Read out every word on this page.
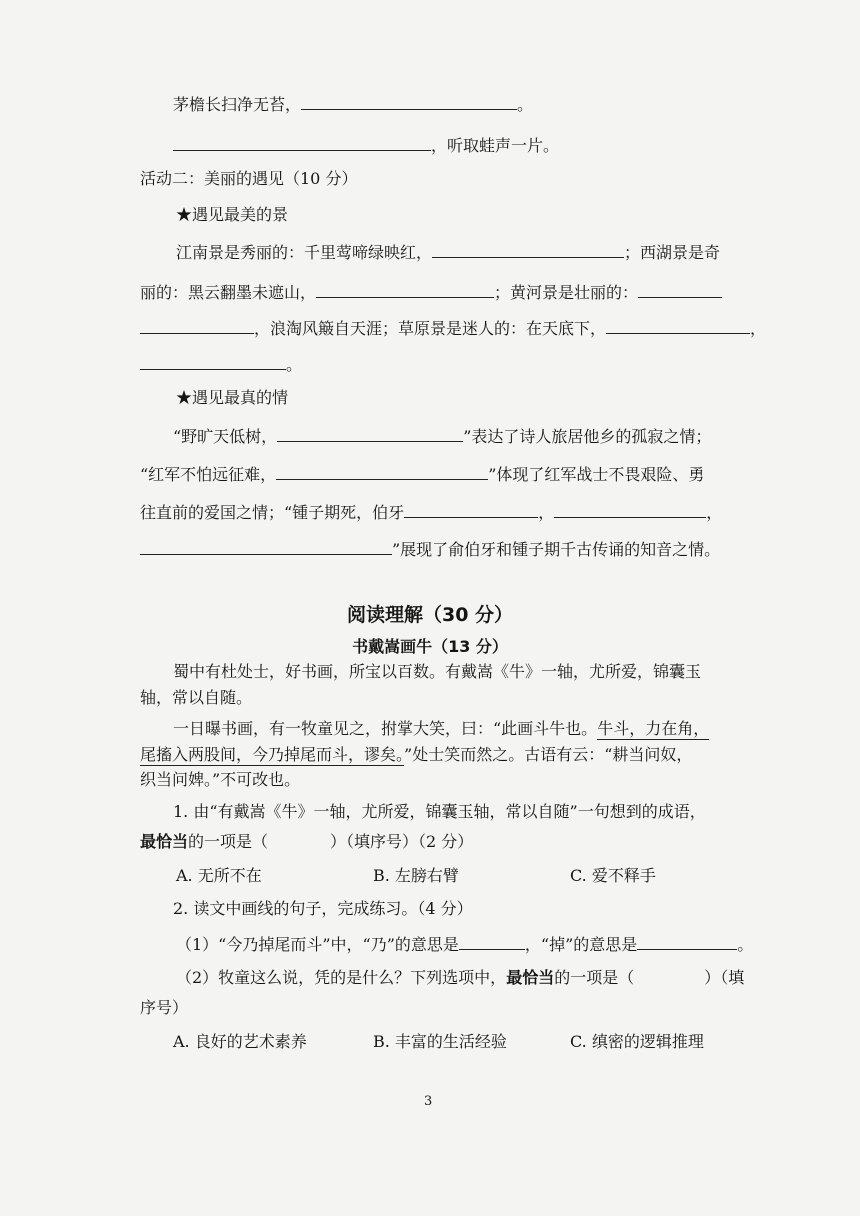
茅檐长扫净无苔，	。
，听取蛙声一片。
活动二：美丽的遇见（10 分）
★遇见最美的景
江南景是秀丽的：千里莺啼绿映红，	；西湖景是奇
丽的：黑云翻墨未遮山，	；黄河景是壮丽的：
，浪淘风簸自天涯；草原景是迷人的：在天底下，	，
。
★遇见最真的情
“野旷天低树，	”表达了诗人旅居他乡的孤寂之情；
“红军不怕远征难，	”体现了红军战士不畏艰险、勇
往直前的爱国之情；“锺子期死，伯牙	，	，
”展现了俞伯牙和锺子期千古传诵的知音之情。
阅读理解（30 分）
书戴嵩画牛（13 分）
蜀中有杜处士，好书画，所宝以百数。有戴嵩《牛》一轴，尤所爱，锦囊玉
轴，常以自随。
一日曝书画，有一牧童见之，拊掌大笑，曰：“此画斗牛也。牛斗，力在角，
尾搐入两股间，今乃掉尾而斗，谬矣。”处士笑而然之。古语有云：“耕当问奴，
织当问婢。”不可改也。
1. 由“有戴嵩《牛》一轴，尤所爱，锦囊玉轴，常以自随”一句想到的成语，
最恰当的一项是（	）（填序号）（2 分）
A. 无所不在	B. 左膀右臂	C. 爱不释手
2. 读文中画线的句子，完成练习。（4 分）
（1）“今乃掉尾而斗”中，“乃”的意思是	，“掉”的意思是	。
（2）牧童这么说，凭的是什么？下列选项中，最恰当的一项是（	）（填
序号）
A. 良好的艺术素养	B. 丰富的生活经验	C. 缜密的逻辑推理
3
